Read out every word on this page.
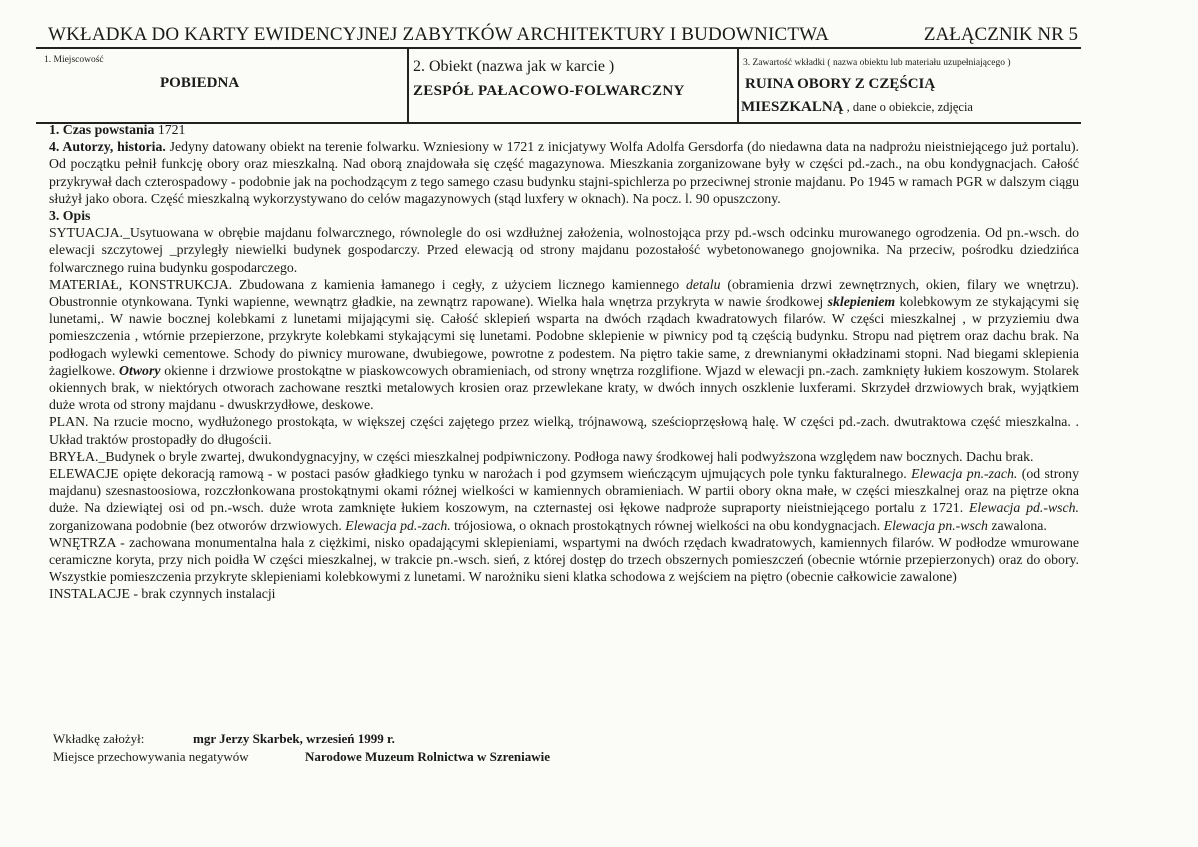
WKŁADKA DO KARTY EWIDENCYJNEJ ZABYTKÓW ARCHITEKTURY I BUDOWNICTWA	ZAŁĄCZNIK NR 5
1. Miejscowość
POBIEDNA
2. Obiekt (nazwa jak w karcie )
ZESPÓŁ PAŁACOWO-FOLWARCZNY
3. Zawartość wkładki ( nazwa obiektu lub materiału uzupełniającego )
RUINA OBORY Z CZĘŚCIĄ
MIESZKALNĄ , dane o obiekcie, zdjęcia

1. Czas powstania 1721

4. Autorzy, historia. Jedyny datowany obiekt na terenie folwarku. Wzniesiony w 1721 z inicjatywy Wolfa Adolfa Gersdorfa (do niedawna data na nadprożu nieistniejącego już portalu). Od początku pełnił funkcję obory oraz mieszkalną. Nad oborą znajdowała się część magazynowa. Mieszkania zorganizowane były w części pd.-zach., na obu kondygnacjach. Całość przykrywał dach czterospadowy - podobnie jak na pochodzącym z tego samego czasu budynku stajni-spichlerza po przeciwnej stronie majdanu. Po 1945 w ramach PGR w dalszym ciągu służył jako obora. Część mieszkalną wykorzystywano do celów magazynowych (stąd luxfery w oknach). Na pocz. l. 90 opuszczony.

3. Opis

SYTUACJA._Usytuowana w obrębie majdanu folwarcznego, równolegle do osi wzdłużnej założenia, wolnostojąca przy pd.-wsch odcinku murowanego ogrodzenia. Od pn.-wsch. do elewacji szczytowej _przyległy niewielki budynek gospodarczy. Przed elewacją od strony majdanu pozostałość wybetonowanego gnojownika. Na przeciw, pośrodku dziedzińca folwarcznego ruina budynku gospodarczego.

MATERIAŁ, KONSTRUKCJA. Zbudowana z kamienia łamanego i cegły, z użyciem licznego kamiennego detalu (obramienia drzwi zewnętrznych, okien, filary we wnętrzu). Obustronnie otynkowana. Tynki wapienne, wewnątrz gładkie, na zewnątrz rapowane). Wielka hala wnętrza przykryta w nawie środkowej sklepieniem kolebkowym ze stykającymi się lunetami,. W nawie bocznej kolebkami z lunetami mijającymi się. Całość sklepień wsparta na dwóch rządach kwadratowych filarów. W części mieszkalnej , w przyziemiu dwa pomieszczenia , wtórnie przepierzone, przykryte kolebkami stykającymi się lunetami. Podobne sklepienie w piwnicy pod tą częścią budynku. Stropu nad piętrem oraz dachu brak. Na podłogach wylewki cementowe. Schody do piwnicy murowane, dwubiegowe, powrotne z podestem. Na piętro takie same, z drewnianymi okładzinami stopni. Nad biegami sklepienia żagielkowe. Otwory okienne i drzwiowe prostokątne w piaskowcowych obramieniach, od strony wnętrza rozglifione. Wjazd w elewacji pn.-zach. zamknięty łukiem koszowym. Stolarek okiennych brak, w niektórych otworach zachowane resztki metalowych krosien oraz przewlekane kraty, w dwóch innych oszklenie luxferami. Skrzydeł drzwiowych brak, wyjątkiem duże wrota od strony majdanu - dwuskrzydłowe, deskowe.

PLAN. Na rzucie mocno, wydłużonego prostokąta, w większej części zajętego przez wielką, trójnawową, sześcioprzęsłową halę. W części pd.-zach. dwutraktowa część mieszkalna. . Układ traktów prostopadły do długościi.

BRYŁA._Budynek o bryle zwartej, dwukondygnacyjny, w części mieszkalnej podpiwniczony. Podłoga nawy środkowej hali podwyższona względem naw bocznych. Dachu brak.

ELEWACJE opięte dekoracją ramową - w postaci pasów gładkiego tynku w narożach i pod gzymsem wieńczącym ujmujących pole tynku fakturalnego. Elewacja pn.-zach. (od strony majdanu) szesnastoosiowa, rozczłonkowana prostokątnymi okami różnej wielkości w kamiennych obramieniach. W partii obory okna małe, w części mieszkalnej oraz na piętrze okna duże. Na dziewiątej osi od pn.-wsch. duże wrota zamknięte łukiem koszowym, na czternastej osi łękowe nadproże supraporty nieistniejącego portalu z 1721. Elewacja pd.-wsch. zorganizowana podobnie (bez otworów drzwiowych. Elewacja pd.-zach. trójosiowa, o oknach prostokątnych równej wielkości na obu kondygnacjach. Elewacja pn.-wsch zawalona.

WNĘTRZA - zachowana monumentalna hala z ciężkimi, nisko opadającymi sklepieniami, wspartymi na dwóch rzędach kwadratowych, kamiennych filarów. W podłodze wmurowane ceramiczne koryta, przy nich poidła W części mieszkalnej, w trakcie pn.-wsch. sień, z której dostęp do trzech obszernych pomieszczeń (obecnie wtórnie przepierzonych) oraz do obory. Wszystkie pomieszczenia przykryte sklepieniami kolebkowymi z lunetami. W narożniku sieni klatka schodowa z wejściem na piętro (obecnie całkowicie zawalone)

INSTALACJE - brak czynnych instalacji

Wkładkę założył:	mgr Jerzy Skarbek, wrzesień 1999 r.
Miejsce przechowywania negatywów	Narodowe Muzeum Rolnictwa w Szreniawie
